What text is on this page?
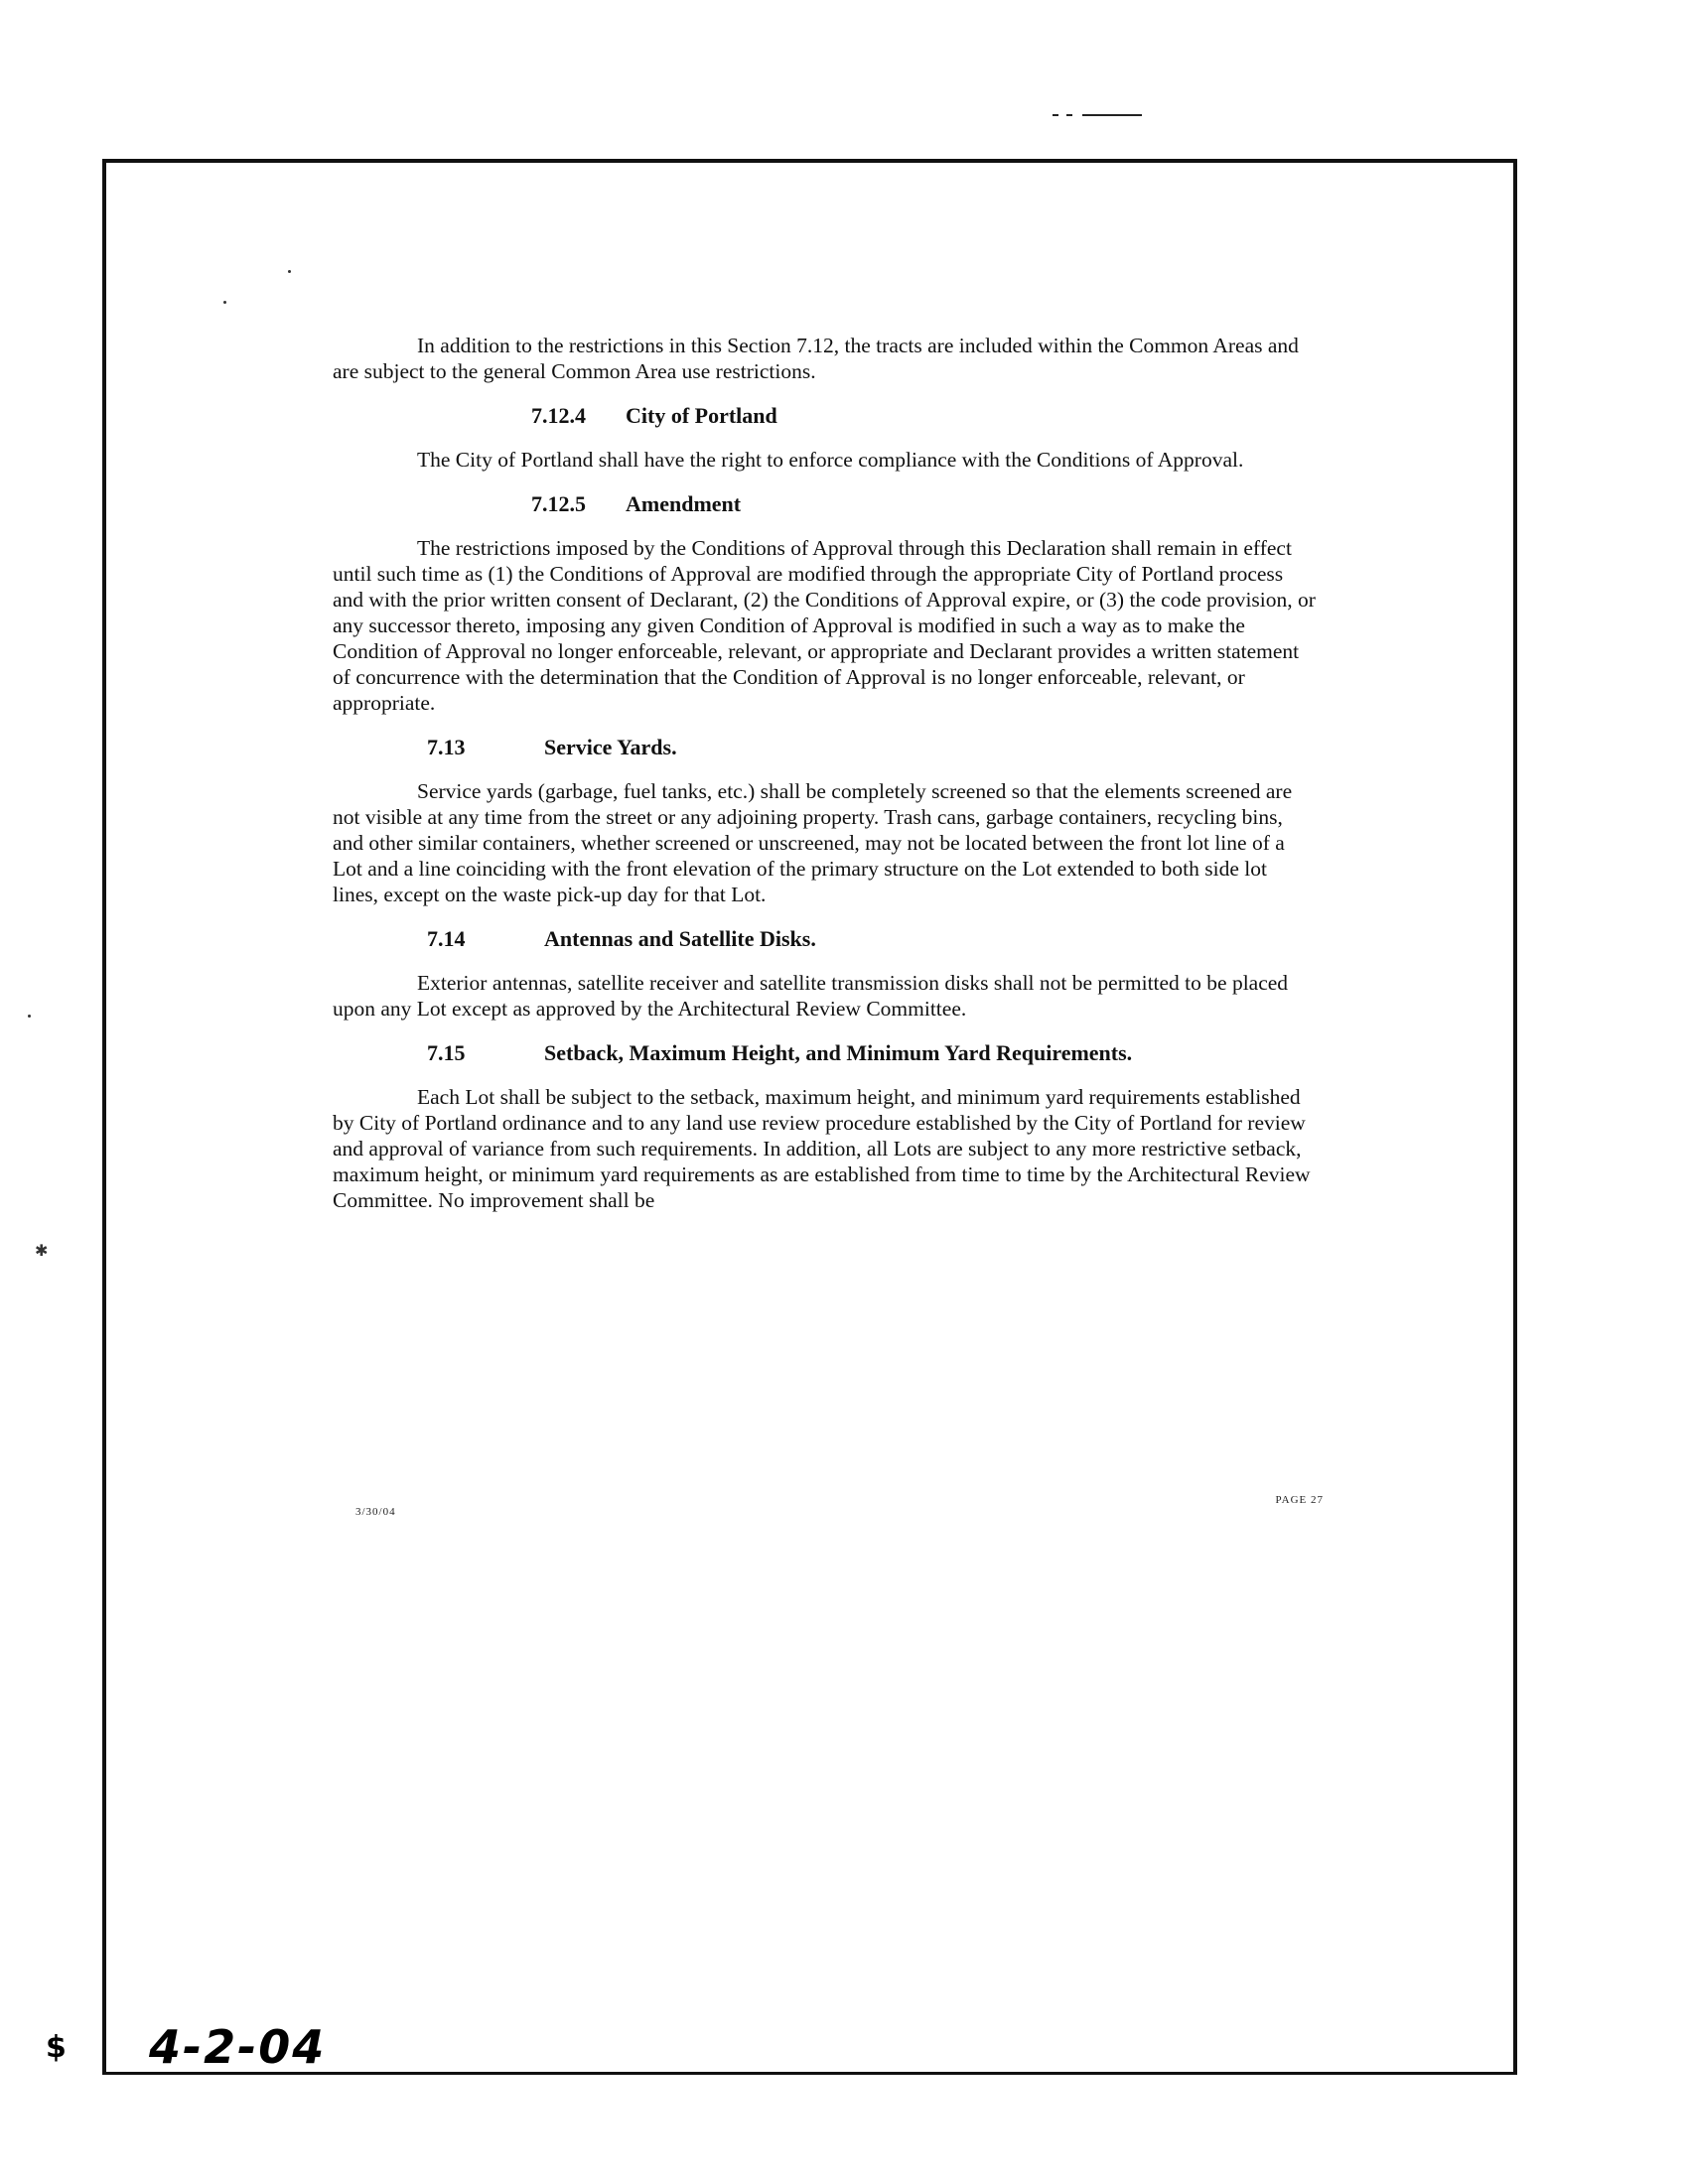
✱

In addition to the restrictions in this Section 7.12, the tracts are included within the Common Areas and are subject to the general Common Area use restrictions.

7.12.4 City of Portland

The City of Portland shall have the right to enforce compliance with the Conditions of Approval.

7.12.5 Amendment

The restrictions imposed by the Conditions of Approval through this Declaration shall remain in effect until such time as (1) the Conditions of Approval are modified through the appropriate City of Portland process and with the prior written consent of Declarant, (2) the Conditions of Approval expire, or (3) the code provision, or any successor thereto, imposing any given Condition of Approval is modified in such a way as to make the Condition of Approval no longer enforceable, relevant, or appropriate and Declarant provides a written statement of concurrence with the determination that the Condition of Approval is no longer enforceable, relevant, or appropriate.

7.13	Service Yards.

Service yards (garbage, fuel tanks, etc.) shall be completely screened so that the elements screened are not visible at any time from the street or any adjoining property. Trash cans, garbage containers, recycling bins, and other similar containers, whether screened or unscreened, may not be located between the front lot line of a Lot and a line coinciding with the front elevation of the primary structure on the Lot extended to both side lot lines, except on the waste pick-up day for that Lot.

7.14	Antennas and Satellite Disks.

Exterior antennas, satellite receiver and satellite transmission disks shall not be permitted to be placed upon any Lot except as approved by the Architectural Review Committee.

7.15	Setback, Maximum Height, and Minimum Yard Requirements.

Each Lot shall be subject to the setback, maximum height, and minimum yard requirements established by City of Portland ordinance and to any land use review procedure established by the City of Portland for review and approval of variance from such requirements. In addition, all Lots are subject to any more restrictive setback, maximum height, or minimum yard requirements as are established from time to time by the Architectural Review Committee. No improvement shall be

3/30/04
PAGE 27
$ 4-2-04
